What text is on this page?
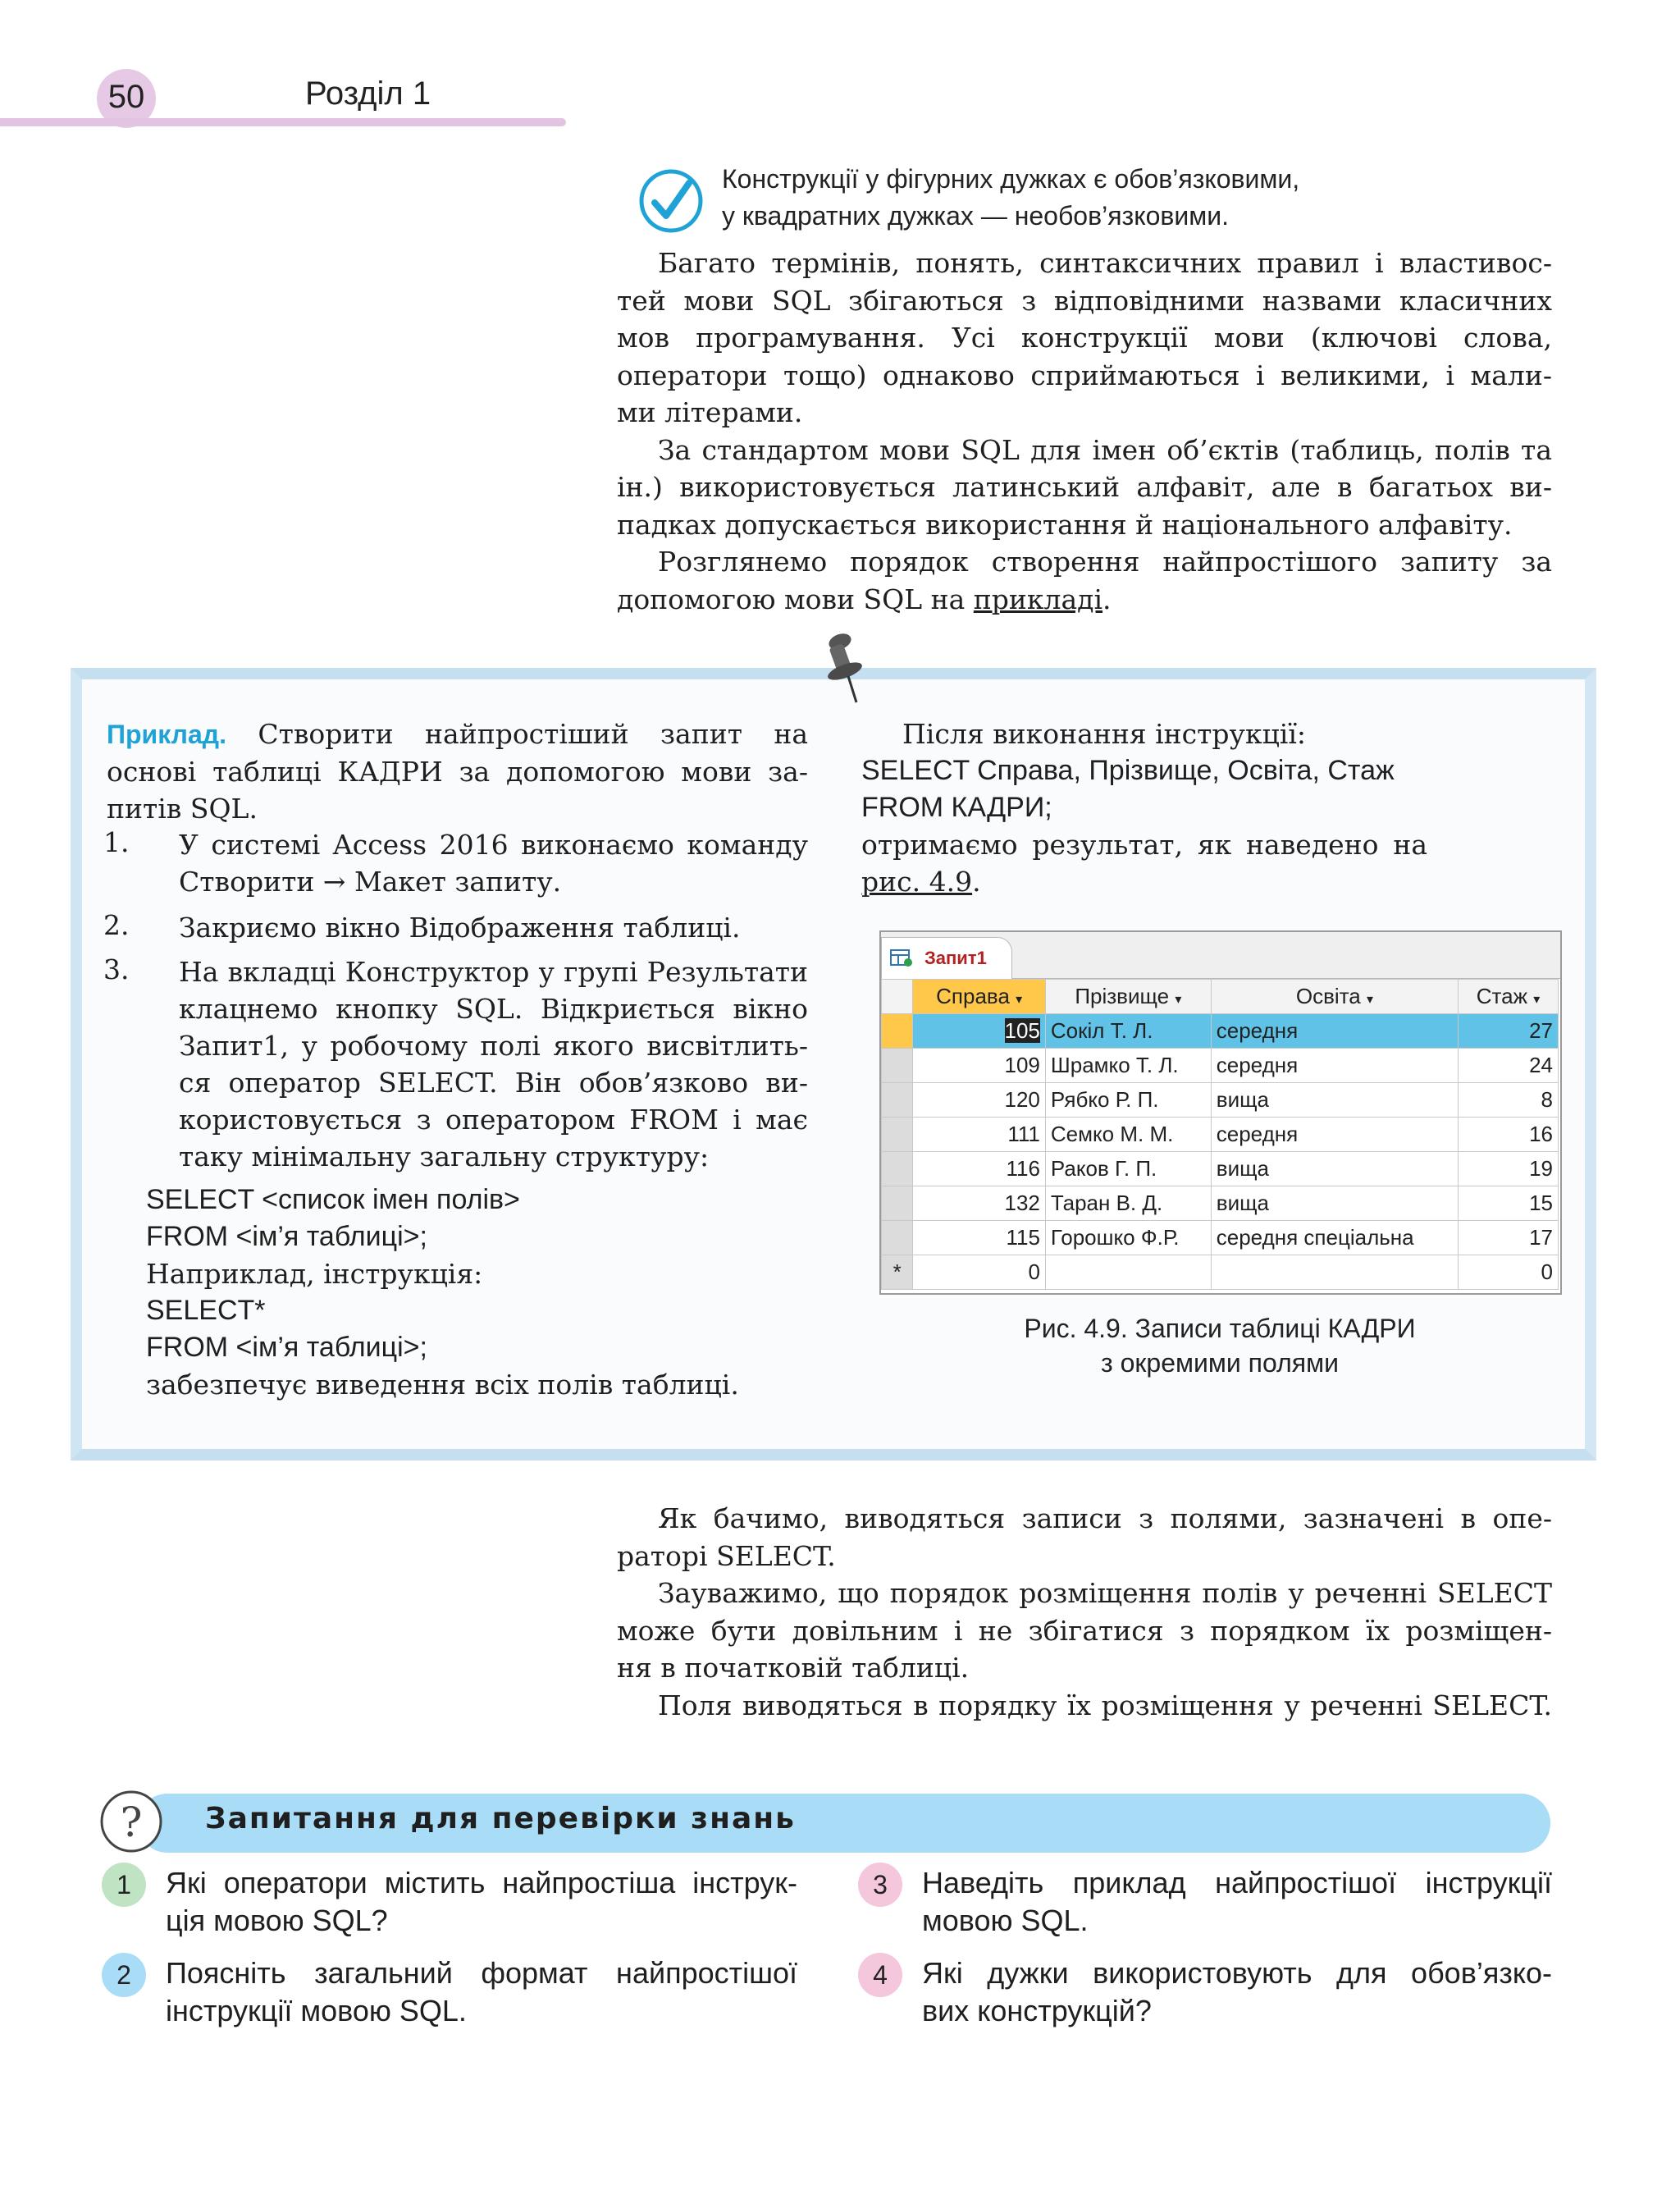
50	Розділ 1
Конструкції у фігурних дужках є обов’язковими,
у квадратних дужках — необов’язковими.
Багато термінів, понять, синтаксичних правил і властивос-
тей мови SQL збігаються з відповідними назвами класичних
мов програмування. Усі конструкції мови (ключові слова,
оператори тощо) однаково сприймаються і великими, і мали-
ми літерами.
За стандартом мови SQL для імен об’єктів (таблиць, полів та
ін.) використовується латинський алфавіт, але в багатьох ви-
падках допускається використання й національного алфавіту.
Розглянемо порядок створення найпростішого запиту за
допомогою мови SQL на прикладі.
Приклад. Створити найпростіший запит на
основі таблиці КАДРИ за допомогою мови за-
питів SQL.
1. У системі Access 2016 виконаємо команду
Створити → Макет запиту.
2. Закриємо вікно Відображення таблиці.
3. На вкладці Конструктор у групі Результати
клацнемо кнопку SQL. Відкриється вікно
Запит1, у робочому полі якого висвітлить-
ся оператор SELECT. Він обов’язково ви-
користовується з оператором FROM і має
таку мінімальну загальну структуру:
SELECT <список імен полів>
FROM <ім’я таблиці>;
Наприклад, інструкція:
SELECT*
FROM <ім’я таблиці>;
забезпечує виведення всіх полів таблиці.
Після виконання інструкції:
SELECT Справа, Прізвище, Освіта, Стаж
FROM КАДРИ;
отримаємо результат, як наведено на
рис. 4.9.
Запит1
	Справа ▾	Прізвище ▾	Освіта ▾	Стаж ▾
	105	Сокіл Т. Л.	середня	27
	109	Шрамко Т. Л.	середня	24
	120	Рябко Р. П.	вища	8
	111	Семко М. М.	середня	16
	116	Раков Г. П.	вища	19
	132	Таран В. Д.	вища	15
	115	Горошко Ф.Р.	середня спеціальна	17
*	0			0
Рис. 4.9. Записи таблиці КАДРИ
з окремими полями
Як бачимо, виводяться записи з полями, зазначені в опе-
раторі SELECT.
Зауважимо, що порядок розміщення полів у реченні SELECT
може бути довільним і не збігатися з порядком їх розміщен-
ня в початковій таблиці.
Поля виводяться в порядку їх розміщення у реченні SELECT.
? Запитання для перевірки знань
1	Які оператори містить найпростіша інструк-
ція мовою SQL?
2	Поясніть загальний формат найпростішої
інструкції мовою SQL.
3	Наведіть приклад найпростішої інструкції
мовою SQL.
4	Які дужки використовують для обов’язко-
вих конструкцій?
